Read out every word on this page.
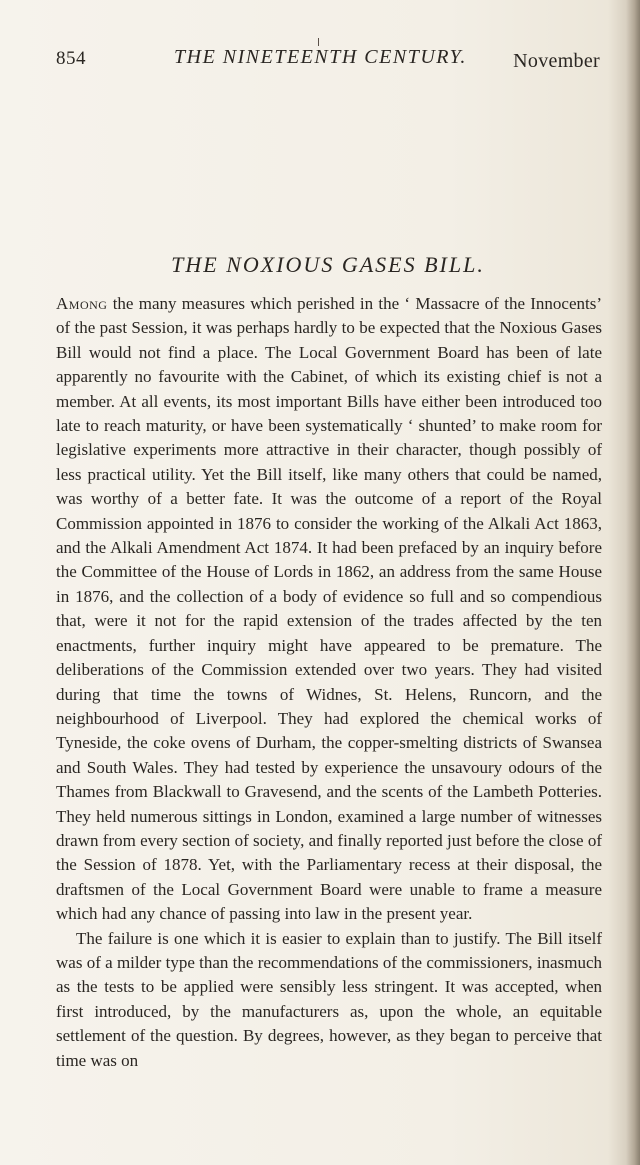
854	THE NINETEENTH CENTURY. November
THE NOXIOUS GASES BILL.

Among the many measures which perished in the ‘ Massacre of the Innocents’ of the past Session, it was perhaps hardly to be expected that the Noxious Gases Bill would not find a place. The Local Government Board has been of late apparently no favourite with the Cabinet, of which its existing chief is not a member. At all events, its most important Bills have either been introduced too late to reach maturity, or have been systematically ‘ shunted’ to make room for legislative experiments more attractive in their character, though possibly of less practical utility. Yet the Bill itself, like many others that could be named, was worthy of a better fate. It was the outcome of a report of the Royal Commission appointed in 1876 to consider the working of the Alkali Act 1863, and the Alkali Amendment Act 1874. It had been prefaced by an inquiry before the Committee of the House of Lords in 1862, an address from the same House in 1876, and the collection of a body of evidence so full and so compendious that, were it not for the rapid extension of the trades affected by the ten enactments, further inquiry might have appeared to be premature. The deliberations of the Commission extended over two years. They had visited during that time the towns of Widnes, St. Helens, Runcorn, and the neighbourhood of Liverpool. They had explored the chemical works of Tyneside, the coke ovens of Durham, the copper-smelting districts of Swansea and South Wales. They had tested by experience the unsavoury odours of the Thames from Blackwall to Gravesend, and the scents of the Lambeth Potteries. They held numerous sittings in London, examined a large number of witnesses drawn from every section of society, and finally reported just before the close of the Session of 1878. Yet, with the Parliamentary recess at their disposal, the draftsmen of the Local Government Board were unable to frame a measure which had any chance of passing into law in the present year.

The failure is one which it is easier to explain than to justify. The Bill itself was of a milder type than the recommendations of the commissioners, inasmuch as the tests to be applied were sensibly less stringent. It was accepted, when first introduced, by the manufacturers as, upon the whole, an equitable settlement of the question. By degrees, however, as they began to perceive that time was on
